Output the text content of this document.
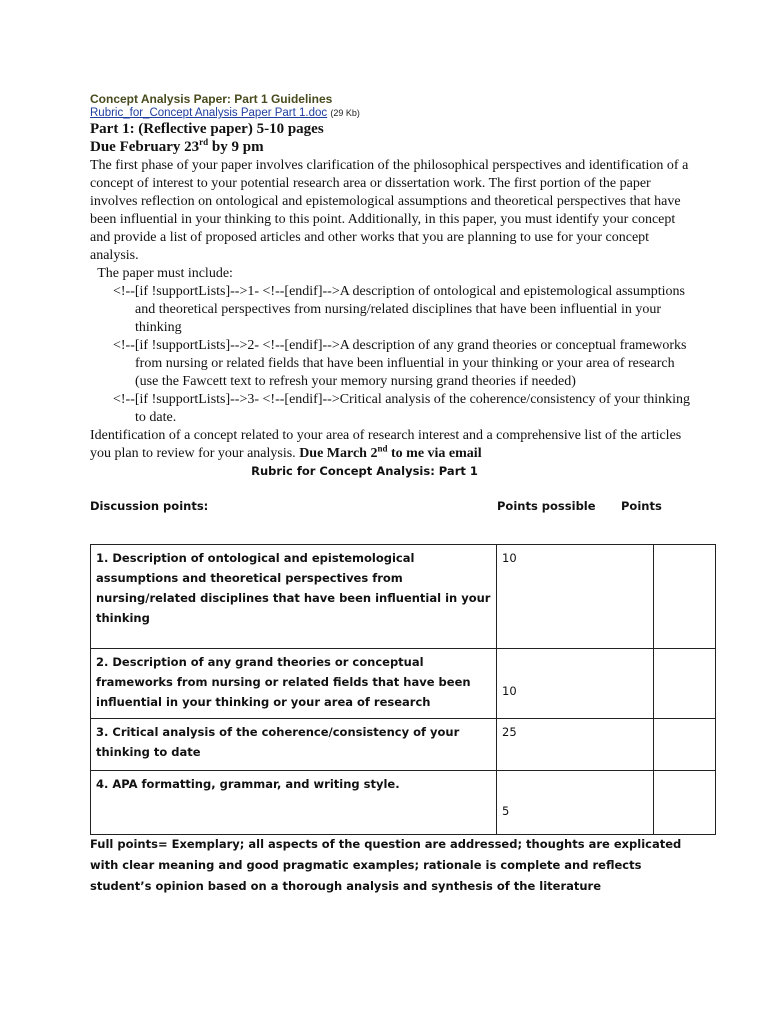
Concept Analysis Paper: Part 1 Guidelines

Rubric_for_Concept Analysis Paper Part 1.doc (29 Kb)

Part 1: (Reflective paper) 5-10 pages

Due February 23rd by 9 pm

The first phase of your paper involves clarification of the philosophical perspectives and identification of a concept of interest to your potential research area or dissertation work. The first portion of the paper involves reflection on ontological and epistemological assumptions and theoretical perspectives that have been influential in your thinking to this point. Additionally, in this paper, you must identify your concept and provide a list of proposed articles and other works that you are planning to use for your concept analysis.

The paper must include:

<!--[if !supportLists]-->1- <!--[endif]-->A description of ontological and epistemological assumptions and theoretical perspectives from nursing/related disciplines that have been influential in your thinking
<!--[if !supportLists]-->2- <!--[endif]-->A description of any grand theories or conceptual frameworks from nursing or related fields that have been influential in your thinking or your area of research (use the Fawcett text to refresh your memory nursing grand theories if needed)
<!--[if !supportLists]-->3- <!--[endif]-->Critical analysis of the coherence/consistency of your thinking to date.

Identification of a concept related to your area of research interest and a comprehensive list of the articles you plan to review for your analysis. Due March 2nd to me via email

Rubric for Concept Analysis: Part 1

Discussion points:	Points possible Points
1. Description of ontological and epistemological assumptions and theoretical perspectives from nursing/related disciplines that have been influential in your thinking	10	
2. Description of any grand theories or conceptual frameworks from nursing or related fields that have been influential in your thinking or your area of research	10	
3. Critical analysis of the coherence/consistency of your thinking to date	25	
4. APA formatting, grammar, and writing style.	5	

Full points= Exemplary; all aspects of the question are addressed; thoughts are explicated with clear meaning and good pragmatic examples; rationale is complete and reflects student’s opinion based on a thorough analysis and synthesis of the literature
